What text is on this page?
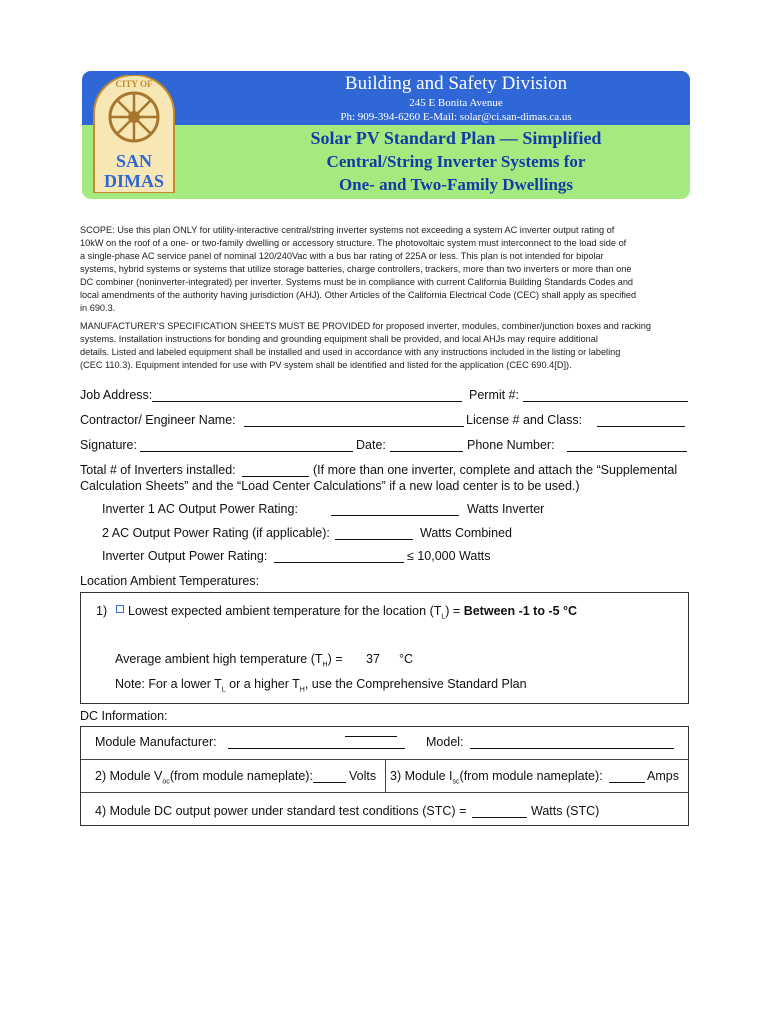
CITY OF
SAN
DIMAS
Building and Safety Division
245 E Bonita Avenue
Ph: 909-394-6260 E-Mail: solar@ci.san-dimas.ca.us
Solar PV Standard Plan — Simplified
Central/String Inverter Systems for
One- and Two-Family Dwellings
SCOPE: Use this plan ONLY for utility-interactive central/string inverter systems not exceeding a system AC inverter output rating of
10kW on the roof of a one- or two-family dwelling or accessory structure. The photovoltaic system must interconnect to the load side of
a single-phase AC service panel of nominal 120/240Vac with a bus bar rating of 225A or less. This plan is not intended for bipolar
systems, hybrid systems or systems that utilize storage batteries, charge controllers, trackers, more than two inverters or more than one
DC combiner (noninverter-integrated) per inverter. Systems must be in compliance with current California Building Standards Codes and
local amendments of the authority having jurisdiction (AHJ). Other Articles of the California Electrical Code (CEC) shall apply as specified
in 690.3.
MANUFACTURER’S SPECIFICATION SHEETS MUST BE PROVIDED for proposed inverter, modules, combiner/junction boxes and racking
systems. Installation instructions for bonding and grounding equipment shall be provided, and local AHJs may require additional
details. Listed and labeled equipment shall be installed and used in accordance with any instructions included in the listing or labeling
(CEC 110.3). Equipment intended for use with PV system shall be identified and listed for the application (CEC 690.4[D]).
Job Address:	Permit #:
Contractor/ Engineer Name:	License # and Class:
Signature:	Date:	Phone Number:
Total # of Inverters installed:	(If more than one inverter, complete and attach the “Supplemental
Calculation Sheets” and the “Load Center Calculations” if a new load center is to be used.)
Inverter 1 AC Output Power Rating:	Watts Inverter
2 AC Output Power Rating (if applicable):	Watts Combined
Inverter Output Power Rating:	≤ 10,000 Watts
Location Ambient Temperatures:
1) Lowest expected ambient temperature for the location $(T_L)$ = Between -1 to -5 °C
Average ambient high temperature $(T_H) = 37$ °C
Note: For a lower $T_L$ or a higher $T_H$, use the Comprehensive Standard Plan
DC Information:
Module Manufacturer:	Model:
2) Module $V_{oc}(from$ module nameplate):	Volts 3) Module $I_{sc}(from$ module nameplate):	Amps
4) Module DC output power under standard test conditions (STC) =	Watts (STC)
